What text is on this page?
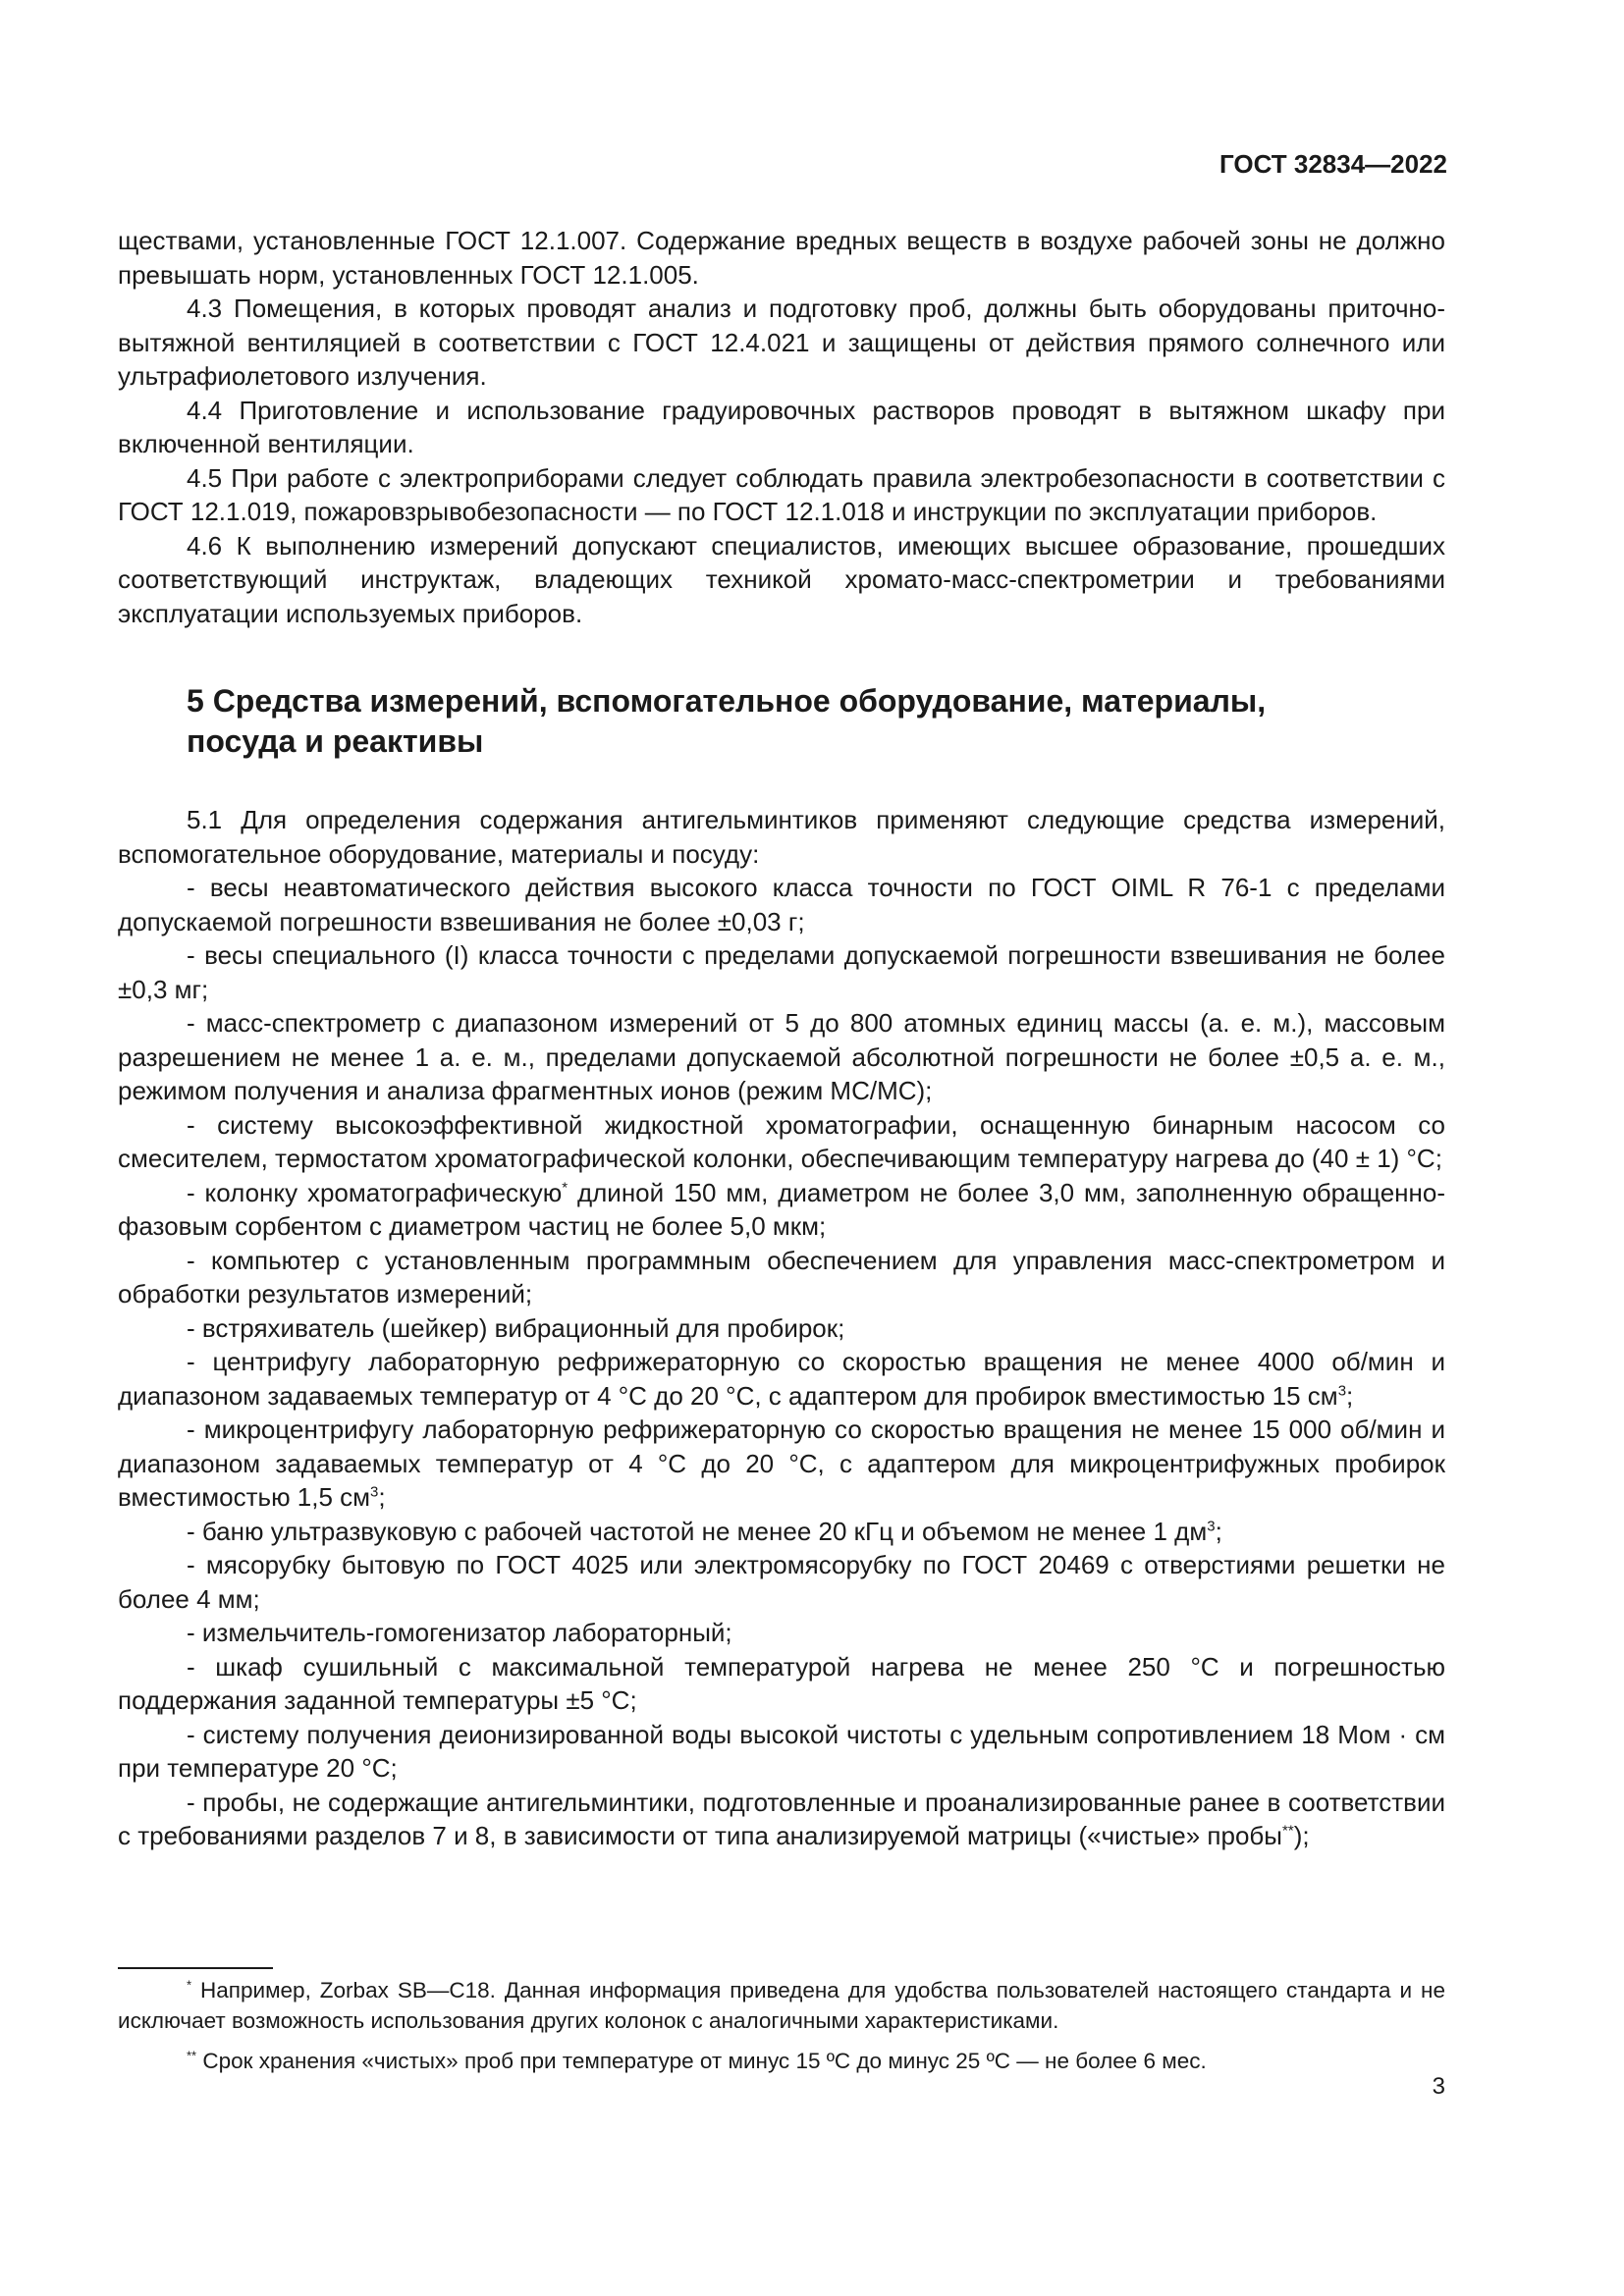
ГОСТ 32834—2022

ществами, установленные ГОСТ 12.1.007. Содержание вредных веществ в воздухе рабочей зоны не должно превышать норм, установленных ГОСТ 12.1.005.

4.3 Помещения, в которых проводят анализ и подготовку проб, должны быть оборудованы приточно-вытяжной вентиляцией в соответствии с ГОСТ 12.4.021 и защищены от действия прямого солнечного или ультрафиолетового излучения.

4.4 Приготовление и использование градуировочных растворов проводят в вытяжном шкафу при включенной вентиляции.

4.5 При работе с электроприборами следует соблюдать правила электробезопасности в соответствии с ГОСТ 12.1.019, пожаровзрывобезопасности — по ГОСТ 12.1.018 и инструкции по эксплуатации приборов.

4.6 К выполнению измерений допускают специалистов, имеющих высшее образование, прошедших соответствующий инструктаж, владеющих техникой хромато-масс-спектрометрии и требованиями эксплуатации используемых приборов.

5 Средства измерений, вспомогательное оборудование, материалы,
посуда и реактивы

5.1 Для определения содержания антигельминтиков применяют следующие средства измерений, вспомогательное оборудование, материалы и посуду:

- весы неавтоматического действия высокого класса точности по ГОСТ OIML R 76-1 с пределами допускаемой погрешности взвешивания не более ±0,03 г;

- весы специального (I) класса точности с пределами допускаемой погрешности взвешивания не более ±0,3 мг;

- масс-спектрометр с диапазоном измерений от 5 до 800 атомных единиц массы (а. е. м.), массовым разрешением не менее 1 а. е. м., пределами допускаемой абсолютной погрешности не более ±0,5 а. е. м., режимом получения и анализа фрагментных ионов (режим МС/МС);

- систему высокоэффективной жидкостной хроматографии, оснащенную бинарным насосом со смесителем, термостатом хроматографической колонки, обеспечивающим температуру нагрева до (40 ± 1) °С;

- колонку хроматографическую* длиной 150 мм, диаметром не более 3,0 мм, заполненную обращенно-фазовым сорбентом с диаметром частиц не более 5,0 мкм;

- компьютер с установленным программным обеспечением для управления масс-спектрометром и обработки результатов измерений;

- встряхиватель (шейкер) вибрационный для пробирок;

- центрифугу лабораторную рефрижераторную со скоростью вращения не менее 4000 об/мин и диапазоном задаваемых температур от 4 °С до 20 °С, с адаптером для пробирок вместимостью 15 $см^3$;

- микроцентрифугу лабораторную рефрижераторную со скоростью вращения не менее 15 000 об/мин и диапазоном задаваемых температур от 4 °С до 20 °С, с адаптером для микроцентрифужных пробирок вместимостью 1,5 $см^3$;

- баню ультразвуковую с рабочей частотой не менее 20 кГц и объемом не менее 1 $дм^3$;

- мясорубку бытовую по ГОСТ 4025 или электромясорубку по ГОСТ 20469 с отверстиями решетки не более 4 мм;

- измельчитель-гомогенизатор лабораторный;

- шкаф сушильный с максимальной температурой нагрева не менее 250 °С и погрешностью поддержания заданной температуры ±5 °С;

- систему получения деионизированной воды высокой чистоты с удельным сопротивлением 18 Мом · см при температуре 20 °С;

- пробы, не содержащие антигельминтики, подготовленные и проанализированные ранее в соответствии с требованиями разделов 7 и 8, в зависимости от типа анализируемой матрицы («чистые» пробы**);

* Например, Zorbax SB—C18. Данная информация приведена для удобства пользователей настоящего стандарта и не исключает возможность использования других колонок с аналогичными характеристиками.

** Срок хранения «чистых» проб при температуре от минус 15 ºС до минус 25 ºС — не более 6 мес.

3
